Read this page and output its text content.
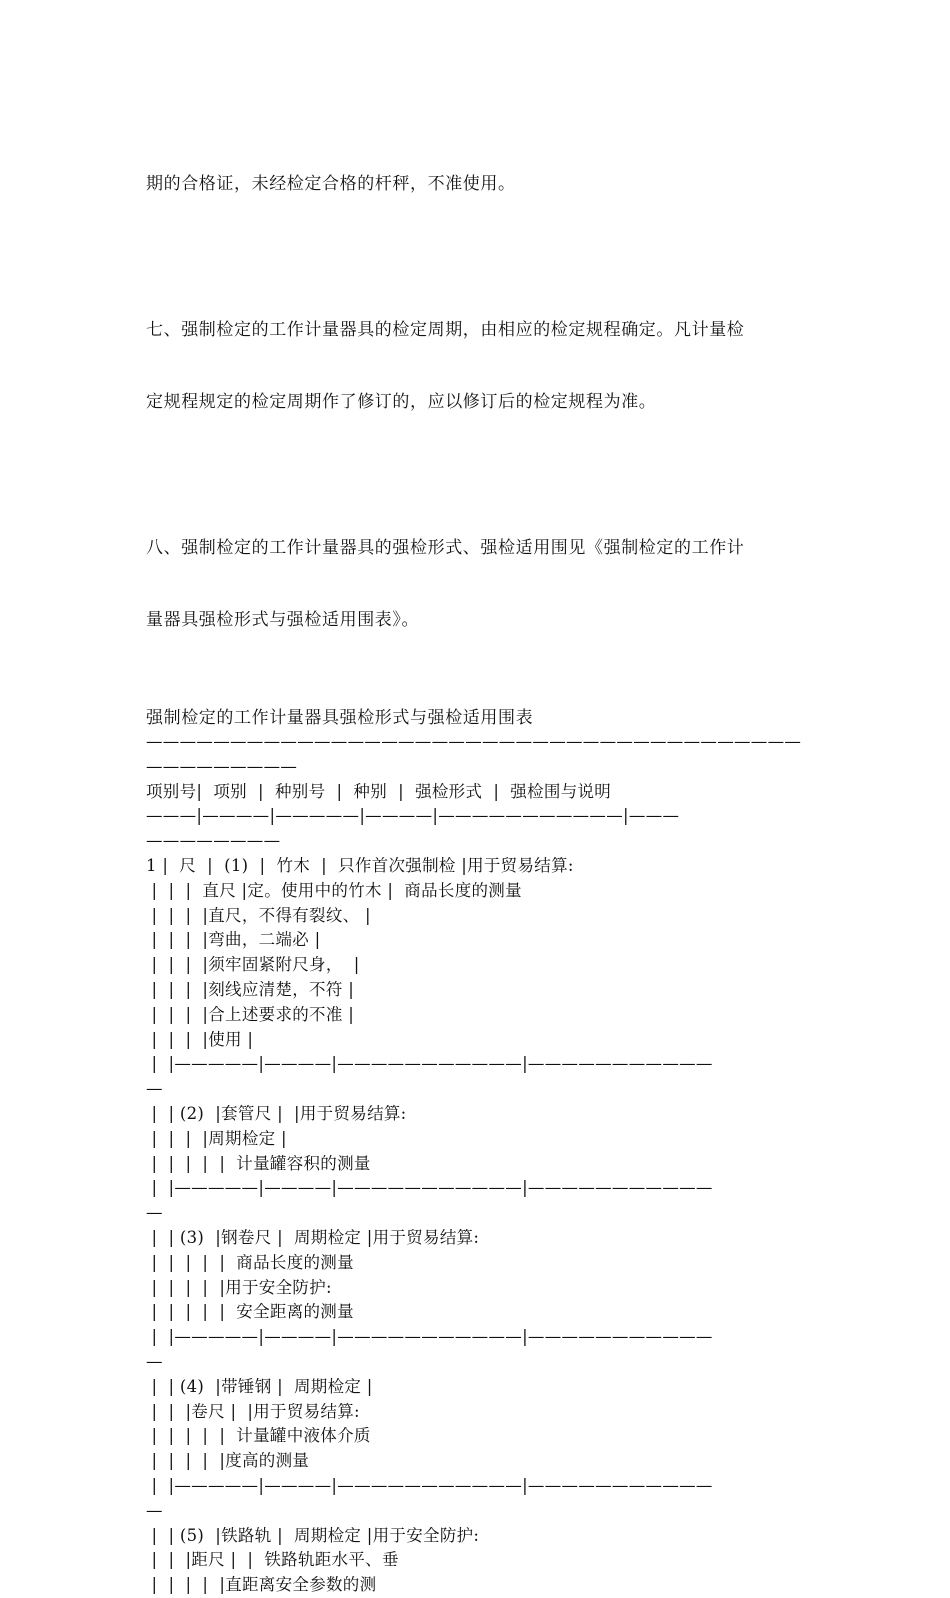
期的合格证，未经检定合格的杆秤，不准使用。

七、强制检定的工作计量器具的检定周期，由相应的检定规程确定。凡计量检

定规程规定的检定周期作了修订的，应以修订后的检定规程为准。

八、强制检定的工作计量器具的强检形式、强检适用围见《强制检定的工作计

量器具强检形式与强检适用围表》。

强制检定的工作计量器具强检形式与强检适用围表
———————————————————————————————————————
—————————
项别号|  项别  |  种别号  |  种别  |  强检形式  |  强检围与说明
———|————|—————|————|———————————|———
————————
1 |  尺  |  (1)  |  竹木  |  只作首次强制检 |用于贸易结算:
|  |  |  直尺 |定。使用中的竹木 |  商品长度的测量
|  |  |  |直尺，不得有裂纹、 |
|  |  |  |弯曲，二端必 |
|  |  |  |须牢固紧附尺身，  |
|  |  |  |刻线应清楚，不符 |
|  |  |  |合上述要求的不准 |
|  |  |  |使用 |
|  |—————|————|———————————|———————————
—
|  | (2)  |套管尺 |  |用于贸易结算:
|  |  |  |周期检定 |
|  |  |  |  |  计量罐容积的测量
|  |—————|————|———————————|———————————
—
|  | (3)  |钢卷尺 |  周期检定 |用于贸易结算:
|  |  |  |  |  商品长度的测量
|  |  |  |  |用于安全防护:
|  |  |  |  |  安全距离的测量
|  |—————|————|———————————|———————————
—
|  | (4)  |带锤钢 |  周期检定 |
|  |  |卷尺 |  |用于贸易结算:
|  |  |  |  |  计量罐中液体介质
|  |  |  |  |度高的测量
|  |—————|————|———————————|———————————
—
|  | (5)  |铁路轨 |  周期检定 |用于安全防护:
|  |  |距尺 |  |  铁路轨距水平、垂
|  |  |  |  |直距离安全参数的测
